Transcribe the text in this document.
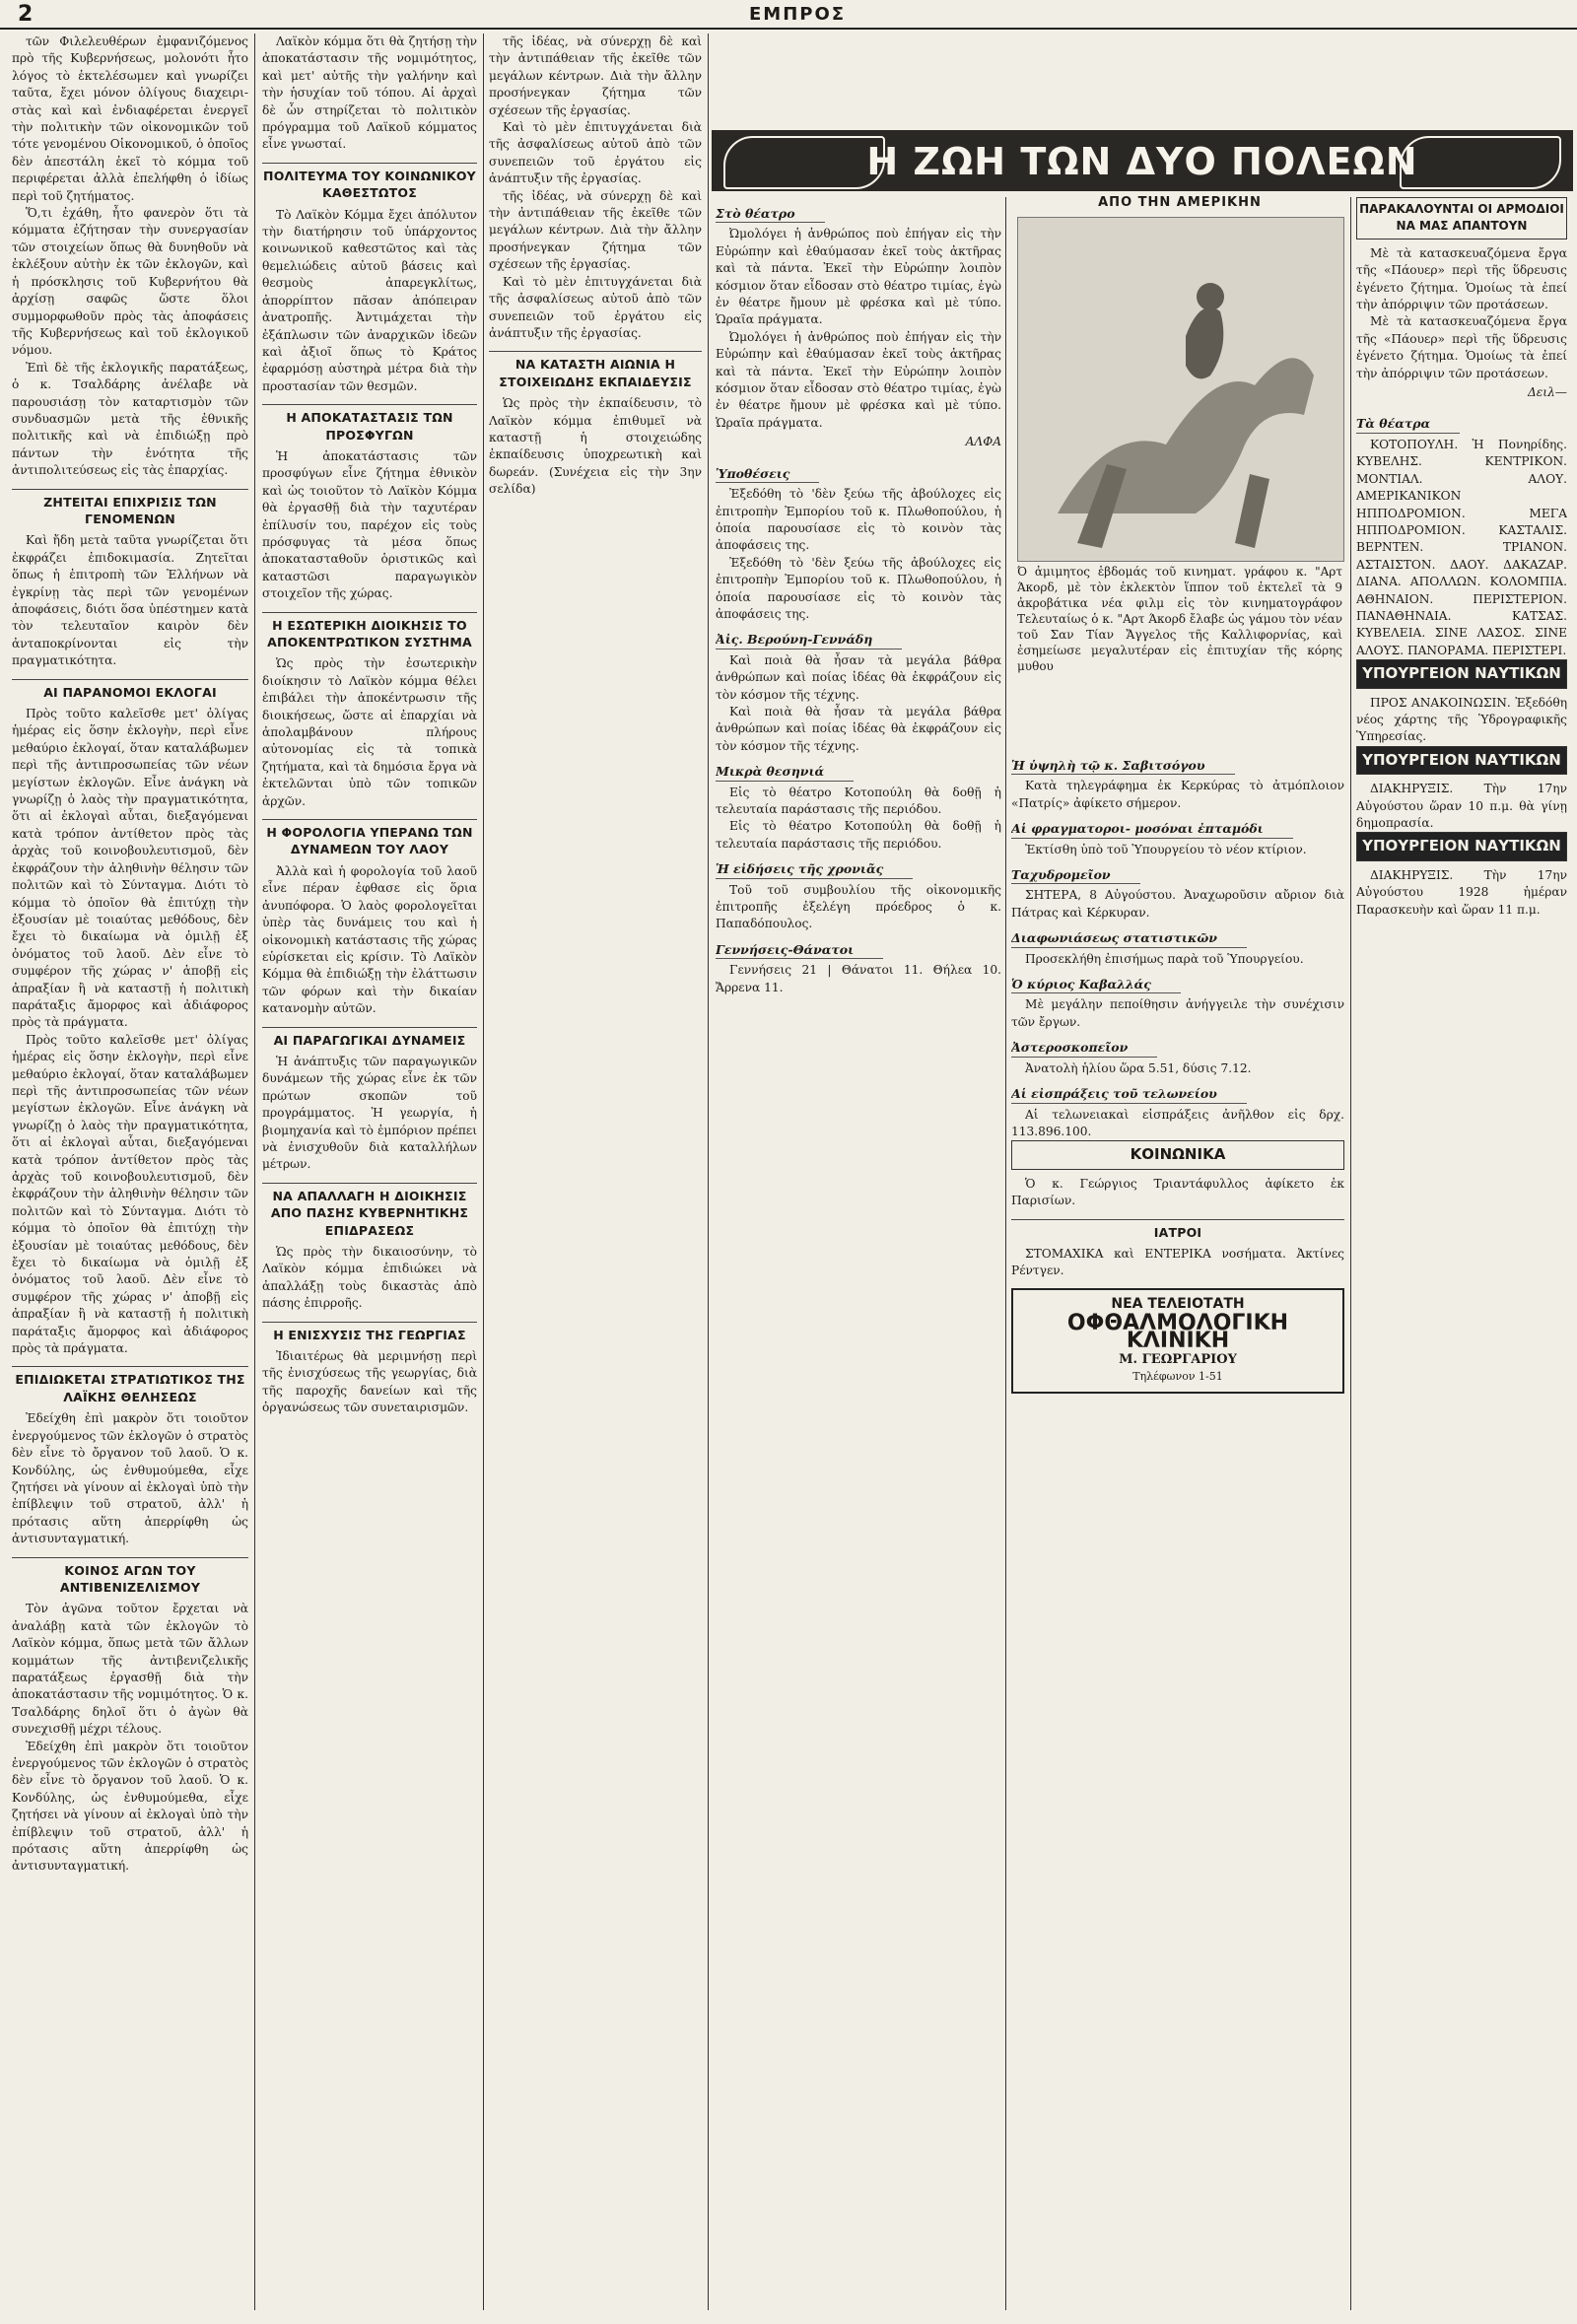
2	ΕΜΠΡΟΣ

τῶν Φιλελευθέρων ἐμφανιζόμενος πρὸ τῆς Κυβερνήσεως, μολονότι ἦτο λόγος τὸ ἐκτελέσωμεν καὶ γνωρίζει ταῦτα, ἔχει μόνον ὀλίγους διαχειριστὰς καὶ καὶ ἐνδιαφέρεται ἐνεργεῖ τὴν πολιτικὴν τῶν οἰκονομικῶν τοῦ τότε γενομένου Οἰκονομικοῦ, ὁ ὁποῖος δὲν ἀπεστάλη ἐκεῖ τὸ κόμμα τοῦ περιφέρεται ἀλλὰ ἐπελήφθη ὁ ἰδίως περὶ τοῦ ζητήματος.

Ὅ,τι ἐχάθη, ἦτο φανερὸν ὅτι τὰ κόμματα ἐζήτησαν τὴν συνεργασίαν τῶν στοιχείων ὅπως θὰ δυνηθοῦν νὰ ἐκλέξουν αὐτὴν ἐκ τῶν ἐκλογῶν, καὶ ἡ πρόσκλησις τοῦ Κυβερνήτου θὰ ἀρχίσῃ σαφῶς ὥστε ὅλοι συμμορφωθοῦν πρὸς τὰς ἀποφάσεις τῆς Κυβερνήσεως καὶ τοῦ ἐκλογικοῦ νόμου.

Ἐπὶ δὲ τῆς ἐκλογικῆς παρατάξεως, ὁ κ. Τσαλδάρης ἀνέλαβε νὰ παρουσιάσῃ τὸν καταρτισμὸν τῶν συνδυασμῶν μετὰ τῆς ἐθνικῆς πολιτικῆς καὶ νὰ ἐπιδιώξῃ πρὸ πάντων τὴν ἑνότητα τῆς ἀντιπολιτεύσεως εἰς τὰς ἐπαρχίας.

ΖΗΤΕΙΤΑΙ ΕΠΙΧΡΙΣΙΣ ΤΩΝ ΓΕΝΟΜΕΝΩΝ

Καὶ ἤδη μετὰ ταῦτα γνωρίζεται ὅτι ἐκφράζει ἐπιδοκιμασία. Ζητεῖται ὅπως ἡ ἐπιτροπὴ τῶν Ἑλλήνων νὰ ἐγκρίνῃ τὰς περὶ τῶν γενομένων ἀποφάσεις, διότι ὅσα ὑπέστημεν κατὰ τὸν τελευταῖον καιρὸν δὲν ἀνταποκρίνονται εἰς τὴν πραγματικότητα.

ΑΙ ΠΑΡΑΝΟΜΟΙ ΕΚΛΟΓΑΙ

Πρὸς τοῦτο καλεῖσθε μετ' ὀλίγας ἡμέρας εἰς ὅσην ἐκλογὴν, περὶ εἶνε μεθαύριο ἐκλογαί, ὅταν καταλάβωμεν περὶ τῆς ἀντιπροσωπείας τῶν νέων μεγίστων ἐκλογῶν. Εἶνε ἀνάγκη νὰ γνωρίζῃ ὁ λαὸς τὴν πραγματικότητα, ὅτι αἱ ἐκλογαὶ αὗται, διεξαγόμεναι κατὰ τρόπον ἀντίθετον πρὸς τὰς ἀρχὰς τοῦ κοινοβουλευτισμοῦ, δὲν ἐκφράζουν τὴν ἀληθινὴν θέλησιν τῶν πολιτῶν καὶ τὸ Σύνταγμα. Διότι τὸ κόμμα τὸ ὁποῖον θὰ ἐπιτύχῃ τὴν ἐξουσίαν μὲ τοιαύτας μεθόδους, δὲν ἔχει τὸ δικαίωμα νὰ ὁμιλῇ ἐξ ὀνόματος τοῦ λαοῦ. Δὲν εἶνε τὸ συμφέρον τῆς χώρας ν' ἀποβῇ εἰς ἀπραξίαν ἢ νὰ καταστῇ ἡ πολιτικὴ παράταξις ἄμορφος καὶ ἀδιάφορος πρὸς τὰ πράγματα.

Πρὸς τοῦτο καλεῖσθε μετ' ὀλίγας ἡμέρας εἰς ὅσην ἐκλογὴν, περὶ εἶνε μεθαύριο ἐκλογαί, ὅταν καταλάβωμεν περὶ τῆς ἀντιπροσωπείας τῶν νέων μεγίστων ἐκλογῶν. Εἶνε ἀνάγκη νὰ γνωρίζῃ ὁ λαὸς τὴν πραγματικότητα, ὅτι αἱ ἐκλογαὶ αὗται, διεξαγόμεναι κατὰ τρόπον ἀντίθετον πρὸς τὰς ἀρχὰς τοῦ κοινοβουλευτισμοῦ, δὲν ἐκφράζουν τὴν ἀληθινὴν θέλησιν τῶν πολιτῶν καὶ τὸ Σύνταγμα. Διότι τὸ κόμμα τὸ ὁποῖον θὰ ἐπιτύχῃ τὴν ἐξουσίαν μὲ τοιαύτας μεθόδους, δὲν ἔχει τὸ δικαίωμα νὰ ὁμιλῇ ἐξ ὀνόματος τοῦ λαοῦ. Δὲν εἶνε τὸ συμφέρον τῆς χώρας ν' ἀποβῇ εἰς ἀπραξίαν ἢ νὰ καταστῇ ἡ πολιτικὴ παράταξις ἄμορφος καὶ ἀδιάφορος πρὸς τὰ πράγματα.

ΕΠΙΔΙΩΚΕΤΑΙ ΣΤΡΑΤΙΩΤΙΚΟΣ ΤΗΣ ΛΑΪΚΗΣ ΘΕΛΗΣΕΩΣ

Ἐδείχθη ἐπὶ μακρὸν ὅτι τοιοῦτον ἐνεργούμενος τῶν ἐκλογῶν ὁ στρατὸς δὲν εἶνε τὸ ὄργανον τοῦ λαοῦ. Ὁ κ. Κονδύλης, ὡς ἐνθυμούμεθα, εἶχε ζητήσει νὰ γίνουν αἱ ἐκλογαὶ ὑπὸ τὴν ἐπίβλεψιν τοῦ στρατοῦ, ἀλλ' ἡ πρότασις αὕτη ἀπερρίφθη ὡς ἀντισυνταγματική.

ΚΟΙΝΟΣ ΑΓΩΝ ΤΟΥ ΑΝΤΙΒΕΝΙΖΕΛΙΣΜΟΥ

Τὸν ἀγῶνα τοῦτον ἔρχεται νὰ ἀναλάβῃ κατὰ τῶν ἐκλογῶν τὸ Λαϊκὸν κόμμα, ὅπως μετὰ τῶν ἄλλων κομμάτων τῆς ἀντιβενιζελικῆς παρατάξεως ἐργασθῇ διὰ τὴν ἀποκατάστασιν τῆς νομιμότητος. Ὁ κ. Τσαλδάρης δηλοῖ ὅτι ὁ ἀγὼν θὰ συνεχισθῇ μέχρι τέλους.

Ἐδείχθη ἐπὶ μακρὸν ὅτι τοιοῦτον ἐνεργούμενος τῶν ἐκλογῶν ὁ στρατὸς δὲν εἶνε τὸ ὄργανον τοῦ λαοῦ. Ὁ κ. Κονδύλης, ὡς ἐνθυμούμεθα, εἶχε ζητήσει νὰ γίνουν αἱ ἐκλογαὶ ὑπὸ τὴν ἐπίβλεψιν τοῦ στρατοῦ, ἀλλ' ἡ πρότασις αὕτη ἀπερρίφθη ὡς ἀντισυνταγματική.

Λαϊκὸν κόμμα ὅτι θὰ ζητήσῃ τὴν ἀποκατάστασιν τῆς νομιμότητος, καὶ μετ' αὐτῆς τὴν γαλήνην καὶ τὴν ἡσυχίαν τοῦ τόπου. Αἱ ἀρχαὶ δὲ ὧν στηρίζεται τὸ πολιτικὸν πρόγραμμα τοῦ Λαϊκοῦ κόμματος εἶνε γνωσταί.

ΠΟΛΙΤΕΥΜΑ ΤΟΥ ΚΟΙΝΩΝΙΚΟΥ ΚΑΘΕΣΤΩΤΟΣ

Τὸ Λαϊκὸν Κόμμα ἔχει ἀπόλυτον τὴν διατήρησιν τοῦ ὑπάρχοντος κοινωνικοῦ καθεστῶτος καὶ τὰς θεμελιώδεις αὐτοῦ βάσεις καὶ θεσμοὺς ἀπαρεγκλίτως, ἀπορρίπτον πᾶσαν ἀπόπειραν ἀνατροπῆς. Ἀντιμάχεται τὴν ἐξάπλωσιν τῶν ἀναρχικῶν ἰδεῶν καὶ ἀξιοῖ ὅπως τὸ Κράτος ἐφαρμόσῃ αὐστηρὰ μέτρα διὰ τὴν προστασίαν τῶν θεσμῶν.

Η ΑΠΟΚΑΤΑΣΤΑΣΙΣ ΤΩΝ ΠΡΟΣΦΥΓΩΝ

Ἡ ἀποκατάστασις τῶν προσφύγων εἶνε ζήτημα ἐθνικὸν καὶ ὡς τοιοῦτον τὸ Λαϊκὸν Κόμμα θὰ ἐργασθῇ διὰ τὴν ταχυτέραν ἐπίλυσίν του, παρέχον εἰς τοὺς πρόσφυγας τὰ μέσα ὅπως ἀποκατασταθοῦν ὁριστικῶς καὶ καταστῶσι παραγωγικὸν στοιχεῖον τῆς χώρας.

Η ΕΣΩΤΕΡΙΚΗ ΔΙΟΙΚΗΣΙΣ ΤΟ ΑΠΟΚΕΝΤΡΩΤΙΚΟΝ ΣΥΣΤΗΜΑ

Ὡς πρὸς τὴν ἐσωτερικὴν διοίκησιν τὸ Λαϊκὸν κόμμα θέλει ἐπιβάλει τὴν ἀποκέντρωσιν τῆς διοικήσεως, ὥστε αἱ ἐπαρχίαι νὰ ἀπολαμβάνουν πλήρους αὐτονομίας εἰς τὰ τοπικὰ ζητήματα, καὶ τὰ δημόσια ἔργα νὰ ἐκτελῶνται ὑπὸ τῶν τοπικῶν ἀρχῶν.

Η ΦΟΡΟΛΟΓΙΑ ΥΠΕΡΑΝΩ ΤΩΝ ΔΥΝΑΜΕΩΝ ΤΟΥ ΛΑΟΥ

Ἀλλὰ καὶ ἡ φορολογία τοῦ λαοῦ εἶνε πέραν ἐφθασε εἰς ὅρια ἀνυπόφορα. Ὁ λαὸς φορολογεῖται ὑπὲρ τὰς δυνάμεις του καὶ ἡ οἰκονομικὴ κατάστασις τῆς χώρας εὑρίσκεται εἰς κρίσιν. Τὸ Λαϊκὸν Κόμμα θὰ ἐπιδιώξῃ τὴν ἐλάττωσιν τῶν φόρων καὶ τὴν δικαίαν κατανομὴν αὐτῶν.

ΑΙ ΠΑΡΑΓΩΓΙΚΑΙ ΔΥΝΑΜΕΙΣ

Ἡ ἀνάπτυξις τῶν παραγωγικῶν δυνάμεων τῆς χώρας εἶνε ἐκ τῶν πρώτων σκοπῶν τοῦ προγράμματος. Ἡ γεωργία, ἡ βιομηχανία καὶ τὸ ἐμπόριον πρέπει νὰ ἐνισχυθοῦν διὰ καταλλήλων μέτρων.

ΝΑ ΑΠΑΛΛΑΓΗ Η ΔΙΟΙΚΗΣΙΣ ΑΠΟ ΠΑΣΗΣ ΚΥΒΕΡΝΗΤΙΚΗΣ ΕΠΙΔΡΑΣΕΩΣ

Ὡς πρὸς τὴν δικαιοσύνην, τὸ Λαϊκὸν κόμμα ἐπιδιώκει νὰ ἀπαλλάξῃ τοὺς δικαστὰς ἀπὸ πάσης ἐπιρροῆς.

Η ΕΝΙΣΧΥΣΙΣ ΤΗΣ ΓΕΩΡΓΙΑΣ

Ἰδιαιτέρως θὰ μεριμνήσῃ περὶ τῆς ἐνισχύσεως τῆς γεωργίας, διὰ τῆς παροχῆς δανείων καὶ τῆς ὀργανώσεως τῶν συνεταιρισμῶν.

τῆς ἰδέας, νὰ σύνερχῃ δὲ καὶ τὴν ἀντιπάθειαν τῆς ἐκεῖθε τῶν μεγάλων κέντρων. Διὰ τὴν ἄλλην προσήνεγκαν ζήτημα τῶν σχέσεων τῆς ἐργασίας.

Καὶ τὸ μὲν ἐπιτυγχάνεται διὰ τῆς ἀσφαλίσεως αὐτοῦ ἀπὸ τῶν συνεπειῶν τοῦ ἐργάτου εἰς ἀνάπτυξιν τῆς ἐργασίας.

τῆς ἰδέας, νὰ σύνερχῃ δὲ καὶ τὴν ἀντιπάθειαν τῆς ἐκεῖθε τῶν μεγάλων κέντρων. Διὰ τὴν ἄλλην προσήνεγκαν ζήτημα τῶν σχέσεων τῆς ἐργασίας.

Καὶ τὸ μὲν ἐπιτυγχάνεται διὰ τῆς ἀσφαλίσεως αὐτοῦ ἀπὸ τῶν συνεπειῶν τοῦ ἐργάτου εἰς ἀνάπτυξιν τῆς ἐργασίας.

ΝΑ ΚΑΤΑΣΤΗ ΑΙΩΝΙΑ Η ΣΤΟΙΧΕΙΩΔΗΣ ΕΚΠΑΙΔΕΥΣΙΣ

Ὡς πρὸς τὴν ἐκπαίδευσιν, τὸ Λαϊκὸν κόμμα ἐπιθυμεῖ νὰ καταστῇ ἡ στοιχειώδης ἐκπαίδευσις ὑποχρεωτικὴ καὶ δωρεάν. (Συνέχεια εἰς τὴν 3ην σελίδα)

Η ΖΩΗ ΤΩΝ ΔΥΟ ΠΟΛΕΩΝ
ΑΠΟ ΤΗΝ ΑΜΕΡΙΚΗΝ
Ό ἀμιμητος ἑβδομάς τοῦ κινηματ. γράφου κ. "Αρτ Άκορδ, μὲ τὸν ἐκλεκτὸν ἵππον τοῦ ἐκτελεῖ τὰ 9 ἀκροβάτικα νέα φιλμ εἰς τὸν κινηματογράφον Τελευταίως ὁ κ. "Αρτ Άκορδ ἔλαβε ὡς γάμου τὸν νέαν τοῦ Σαν Τίαν Ἄγγελος τῆς Καλλιφορνίας, καὶ ἐσημείωσε μεγαλυτέραν εἰς ἐπιτυχίαν τῆς κόρης μυθου
Στὸ θέατρο

Ὠμολόγει ἡ ἀνθρώπος ποὺ ἐπήγαν εἰς τὴν Εὐρώπην καὶ ἐθαύμασαν ἐκεῖ τοὺς ἀκτῆρας καὶ τὰ πάντα. Ἐκεῖ τὴν Εὐρώπην λοιπὸν κόσμιον ὅταν εἶδοσαν στὸ θέατρο τιμίας, ἐγὼ ἐν θέατρε ἤμουν μὲ φρέσκα καὶ μὲ τύπο. Ὡραῖα πράγματα.

Ὠμολόγει ἡ ἀνθρώπος ποὺ ἐπήγαν εἰς τὴν Εὐρώπην καὶ ἐθαύμασαν ἐκεῖ τοὺς ἀκτῆρας καὶ τὰ πάντα. Ἐκεῖ τὴν Εὐρώπην λοιπὸν κόσμιον ὅταν εἶδοσαν στὸ θέατρο τιμίας, ἐγὼ ἐν θέατρε ἤμουν μὲ φρέσκα καὶ μὲ τύπο. Ὡραῖα πράγματα.

ΑΛΦΑ
Ὑποθέσεις

Ἐξεδόθη τὸ 'δὲν ξεύω τῆς ἀβούλοχες εἰς ἐπιτροπὴν Ἐμπορίου τοῦ κ. Πλωθοπούλου, ἡ ὁποία παρουσίασε εἰς τὸ κοινὸν τὰς ἀποφάσεις της.

Ἐξεδόθη τὸ 'δὲν ξεύω τῆς ἀβούλοχες εἰς ἐπιτροπὴν Ἐμπορίου τοῦ κ. Πλωθοπούλου, ἡ ὁποία παρουσίασε εἰς τὸ κοινὸν τὰς ἀποφάσεις της.

Ἀἰς. Βερούνη-Γεννάδη

Καὶ ποιὰ θὰ ἦσαν τὰ μεγάλα βάθρα ἀνθρώπων καὶ ποίας ἰδέας θὰ ἐκφράζουν εἰς τὸν κόσμον τῆς τέχνης.

Καὶ ποιὰ θὰ ἦσαν τὰ μεγάλα βάθρα ἀνθρώπων καὶ ποίας ἰδέας θὰ ἐκφράζουν εἰς τὸν κόσμον τῆς τέχνης.

Μικρὰ θεσηνιά

Εἰς τὸ θέατρο Κοτοπούλη θὰ δοθῇ ἡ τελευταία παράστασις τῆς περιόδου.

Εἰς τὸ θέατρο Κοτοπούλη θὰ δοθῇ ἡ τελευταία παράστασις τῆς περιόδου.

Ἡ εἰδήσεις τῆς χρονιᾶς

Τοῦ τοῦ συμβουλίου τῆς οἰκονομικῆς ἐπιτροπῆς ἐξελέγη πρόεδρος ὁ κ. Παπαδόπουλος.

Γεννήσεις-Θάνατοι

Γεννήσεις 21 | Θάνατοι 11. Θήλεα 10. Ἄρρενα 11.

Ἡ ὑψηλὴ τῷ κ. Σαβιτσόγου

Κατὰ τηλεγράφημα ἐκ Κερκύρας τὸ ἀτμόπλοιον «Πατρίς» ἀφίκετο σήμερον.

Αἱ φραγματοροι- μοσόναι ἐπταμόδι

Ἐκτίσθη ὑπὸ τοῦ Ὑπουργείου τὸ νέον κτίριον.

Ταχυδρομεῖον

ΣΗΤΕΡΑ, 8 Αὐγούστου. Ἀναχωροῦσιν αὔριον διὰ Πάτρας καὶ Κέρκυραν.

Διαφωνιάσεως στατιστικῶν

Προσεκλήθη ἐπισήμως παρὰ τοῦ Ὑπουργείου.

Ὁ κύριος Καβαλλάς

Μὲ μεγάλην πεποίθησιν ἀνήγγειλε τὴν συνέχισιν τῶν ἔργων.

Ἀστεροσκοπεῖον

Ἀνατολὴ ἡλίου ὥρα 5.51, δύσις 7.12.

Αἱ εἰσπράξεις τοῦ τελωνείου

Αἱ τελωνειακαὶ εἰσπράξεις ἀνῆλθον εἰς δρχ. 113.896.100.

ΚΟΙΝΩΝΙΚΑ

Ὁ κ. Γεώργιος Τριαντάφυλλος ἀφίκετο ἐκ Παρισίων.

ΙΑΤΡΟΙ

ΣΤΟΜΑΧΙΚΑ καὶ ΕΝΤΕΡΙΚΑ νοσήματα. Ἀκτίνες Ρέντγεν.

ΝΕΑ ΤΕΛΕΙΟΤΑΤΗ
ΟΦΘΑΛΜΟΛΟΓΙΚΗ ΚΛΙΝΙΚΗ
Μ. ΓΕΩΡΓΑΡΙΟΥ
Τηλέφωνον 1-51
ΠΑΡΑΚΑΛΟΥΝΤΑΙ ΟΙ ΑΡΜΟΔΙΟΙ
ΝΑ ΜΑΣ ΑΠΑΝΤΟΥΝ

Μὲ τὰ κατασκευαζόμενα ἔργα τῆς «Πάουερ» περὶ τῆς ὕδρευσις ἐγένετο ζήτημα. Ὁμοίως τὰ ἐπεί τὴν ἀπόρριψιν τῶν προτάσεων.

Μὲ τὰ κατασκευαζόμενα ἔργα τῆς «Πάουερ» περὶ τῆς ὕδρευσις ἐγένετο ζήτημα. Ὁμοίως τὰ ἐπεί τὴν ἀπόρριψιν τῶν προτάσεων.

Δειλ—
Τὰ θέατρα

ΚΟΤΟΠΟΥΛΗ. Ἡ Πονηρίδης. ΚΥΒΕΛΗΣ. ΚΕΝΤΡΙΚΟΝ. ΜΟΝΤΙΑΛ. ΑΛΟΥ. ΑΜΕΡΙΚΑΝΙΚΟΝ ΗΠΠΟΔΡΟΜΙΟΝ. ΜΕΓΑ ΗΠΠΟΔΡΟΜΙΟΝ. ΚΑΣΤΑΛΙΣ. ΒΕΡΝΤΕΝ. ΤΡΙΑΝΟΝ. ΑΣΤΑΙΣΤΟΝ. ΔΑΟΥ. ΔΑΚΑΖΑΡ. ΔΙΑΝΑ. ΑΠΟΛΛΩΝ. ΚΟΛΟΜΠΙΑ. ΑΘΗΝΑΙΟΝ. ΠΕΡΙΣΤΕΡΙΟΝ. ΠΑΝΑΘΗΝΑΙΑ. ΚΑΤΣΑΣ. ΚΥΒΕΛΕΙΑ. ΣΙΝΕ ΛΑΣΟΣ. ΣΙΝΕ ΑΛΟΥΣ. ΠΑΝΟΡΑΜΑ. ΠΕΡΙΣΤΕΡΙ.

ΥΠΟΥΡΓΕΙΟΝ ΝΑΥΤΙΚΩΝ

ΠΡΟΣ ΑΝΑΚΟΙΝΩΣΙΝ. Ἐξεδόθη νέος χάρτης τῆς Ὑδρογραφικῆς Ὑπηρεσίας.

ΥΠΟΥΡΓΕΙΟΝ ΝΑΥΤΙΚΩΝ

ΔΙΑΚΗΡΥΞΙΣ. Τὴν 17ην Αὐγούστου ὥραν 10 π.μ. θὰ γίνῃ δημοπρασία.

ΥΠΟΥΡΓΕΙΟΝ ΝΑΥΤΙΚΩΝ

ΔΙΑΚΗΡΥΞΙΣ. Τὴν 17ην Αὐγούστου 1928 ἡμέραν Παρασκευὴν καὶ ὥραν 11 π.μ.
